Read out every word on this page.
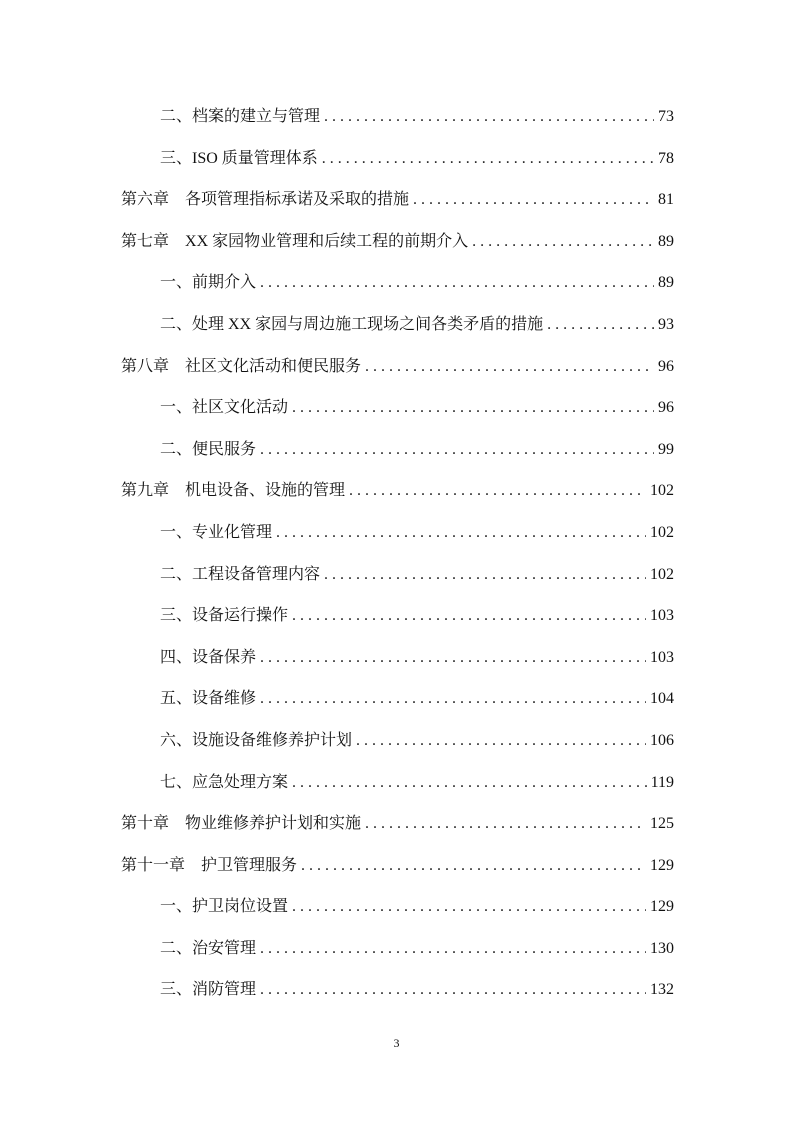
二、档案的建立与管理 . . .	73
三、ISO 质量管理体系 . . .	78
第六章 各项管理指标承诺及采取的措施 . . .	81
第七章 XX 家园物业管理和后续工程的前期介入 . . .	89
一、前期介入 . . .	89
二、处理 XX 家园与周边施工现场之间各类矛盾的措施 . . .	93
第八章 社区文化活动和便民服务 . . .	96
一、社区文化活动 . . .	96
二、便民服务 . . .	99
第九章 机电设备、设施的管理 . . .	102
一、专业化管理 . . .	102
二、工程设备管理内容 . . .	102
三、设备运行操作 . . .	103
四、设备保养 . . .	103
五、设备维修 . . .	104
六、设施设备维修养护计划 . . .	106
七、应急处理方案 . . .	119
第十章 物业维修养护计划和实施 . . .	125
第十一章 护卫管理服务 . . .	129
一、护卫岗位设置 . . .	129
二、治安管理 . . .	130
三、消防管理 . . .	132
3
